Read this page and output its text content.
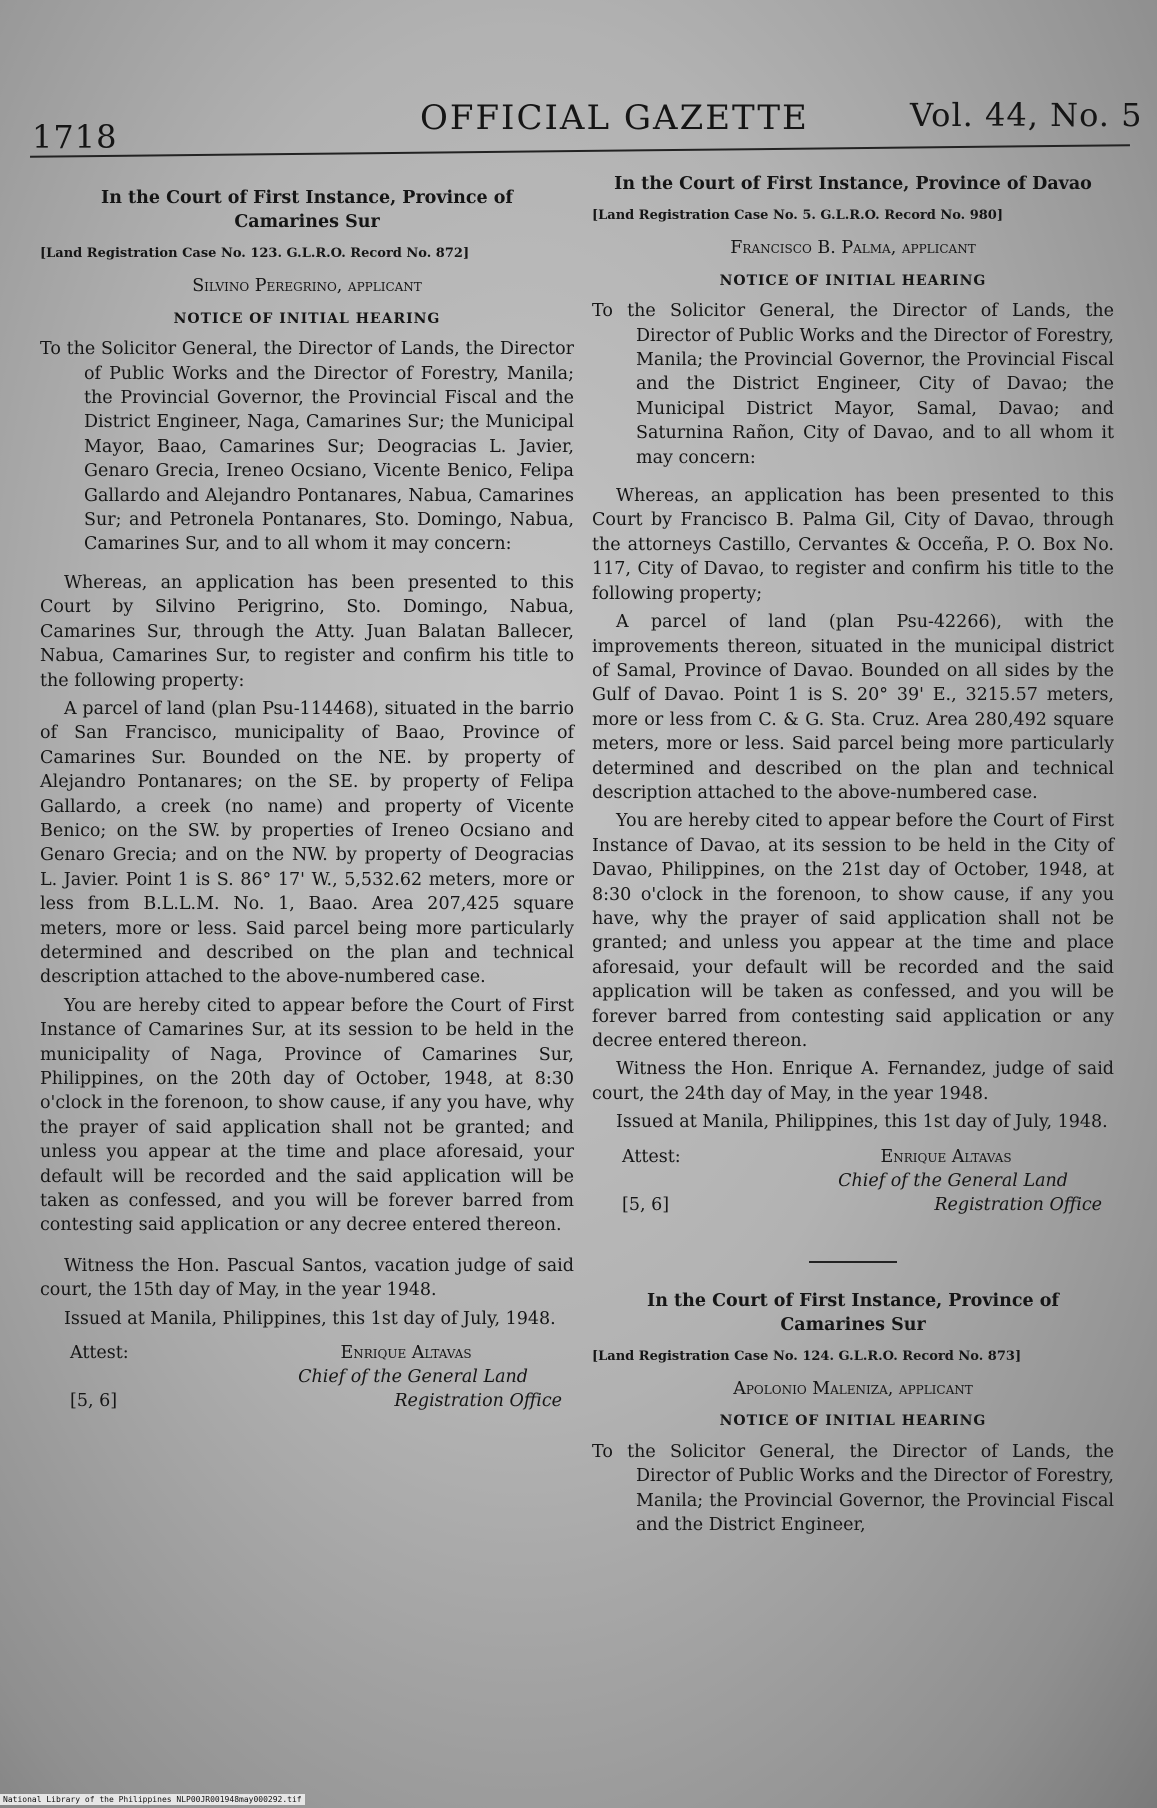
1718	OFFICIAL GAZETTE	Vol. 44, No. 5
In the Court of First Instance, Province of Camarines Sur
[Land Registration Case No. 123. G.L.R.O. Record No. 872]
Silvino Peregrino, applicant
NOTICE OF INITIAL HEARING

To the Solicitor General, the Director of Lands, the Director of Public Works and the Director of Forestry, Manila; the Provincial Governor, the Provincial Fiscal and the District Engineer, Naga, Camarines Sur; the Municipal Mayor, Baao, Camarines Sur; Deogracias L. Javier, Genaro Grecia, Ireneo Ocsiano, Vicente Benico, Felipa Gallardo and Alejandro Pontanares, Nabua, Camarines Sur; and Petronela Pontanares, Sto. Domingo, Nabua, Camarines Sur, and to all whom it may concern:

Whereas, an application has been presented to this Court by Silvino Perigrino, Sto. Domingo, Nabua, Camarines Sur, through the Atty. Juan Balatan Ballecer, Nabua, Camarines Sur, to register and confirm his title to the following property:

A parcel of land (plan Psu-114468), situated in the barrio of San Francisco, municipality of Baao, Province of Camarines Sur. Bounded on the NE. by property of Alejandro Pontanares; on the SE. by property of Felipa Gallardo, a creek (no name) and property of Vicente Benico; on the SW. by properties of Ireneo Ocsiano and Genaro Grecia; and on the NW. by property of Deogracias L. Javier. Point 1 is S. 86° 17' W., 5,532.62 meters, more or less from B.L.L.M. No. 1, Baao. Area 207,425 square meters, more or less. Said parcel being more particularly determined and described on the plan and technical description attached to the above-numbered case.

You are hereby cited to appear before the Court of First Instance of Camarines Sur, at its session to be held in the municipality of Naga, Province of Camarines Sur, Philippines, on the 20th day of October, 1948, at 8:30 o'clock in the forenoon, to show cause, if any you have, why the prayer of said application shall not be granted; and unless you appear at the time and place aforesaid, your default will be recorded and the said application will be taken as confessed, and you will be forever barred from contesting said application or any decree entered thereon.

Witness the Hon. Pascual Santos, vacation judge of said court, the 15th day of May, in the year 1948.

Issued at Manila, Philippines, this 1st day of July, 1948.

Attest:	Enrique Altavas
Chief of the General Land
Registration Office
[5, 6]
In the Court of First Instance, Province of Davao
[Land Registration Case No. 5. G.L.R.O. Record No. 980]
Francisco B. Palma, applicant
NOTICE OF INITIAL HEARING

To the Solicitor General, the Director of Lands, the Director of Public Works and the Director of Forestry, Manila; the Provincial Governor, the Provincial Fiscal and the District Engineer, City of Davao; the Municipal District Mayor, Samal, Davao; and Saturnina Rañon, City of Davao, and to all whom it may concern:

Whereas, an application has been presented to this Court by Francisco B. Palma Gil, City of Davao, through the attorneys Castillo, Cervantes & Occeña, P. O. Box No. 117, City of Davao, to register and confirm his title to the following property;

A parcel of land (plan Psu-42266), with the improvements thereon, situated in the municipal district of Samal, Province of Davao. Bounded on all sides by the Gulf of Davao. Point 1 is S. 20° 39' E., 3215.57 meters, more or less from C. & G. Sta. Cruz. Area 280,492 square meters, more or less. Said parcel being more particularly determined and described on the plan and technical description attached to the above-numbered case.

You are hereby cited to appear before the Court of First Instance of Davao, at its session to be held in the City of Davao, Philippines, on the 21st day of October, 1948, at 8:30 o'clock in the forenoon, to show cause, if any you have, why the prayer of said application shall not be granted; and unless you appear at the time and place aforesaid, your default will be recorded and the said application will be taken as confessed, and you will be forever barred from contesting said application or any decree entered thereon.

Witness the Hon. Enrique A. Fernandez, judge of said court, the 24th day of May, in the year 1948.

Issued at Manila, Philippines, this 1st day of July, 1948.

Attest:	Enrique Altavas
Chief of the General Land
Registration Office
[5, 6]
In the Court of First Instance, Province of Camarines Sur
[Land Registration Case No. 124. G.L.R.O. Record No. 873]
Apolonio Maleniza, applicant
NOTICE OF INITIAL HEARING

To the Solicitor General, the Director of Lands, the Director of Public Works and the Director of Forestry, Manila; the Provincial Governor, the Provincial Fiscal and the District Engineer,

National Library of the Philippines NLP00JR001948may000292.tif
